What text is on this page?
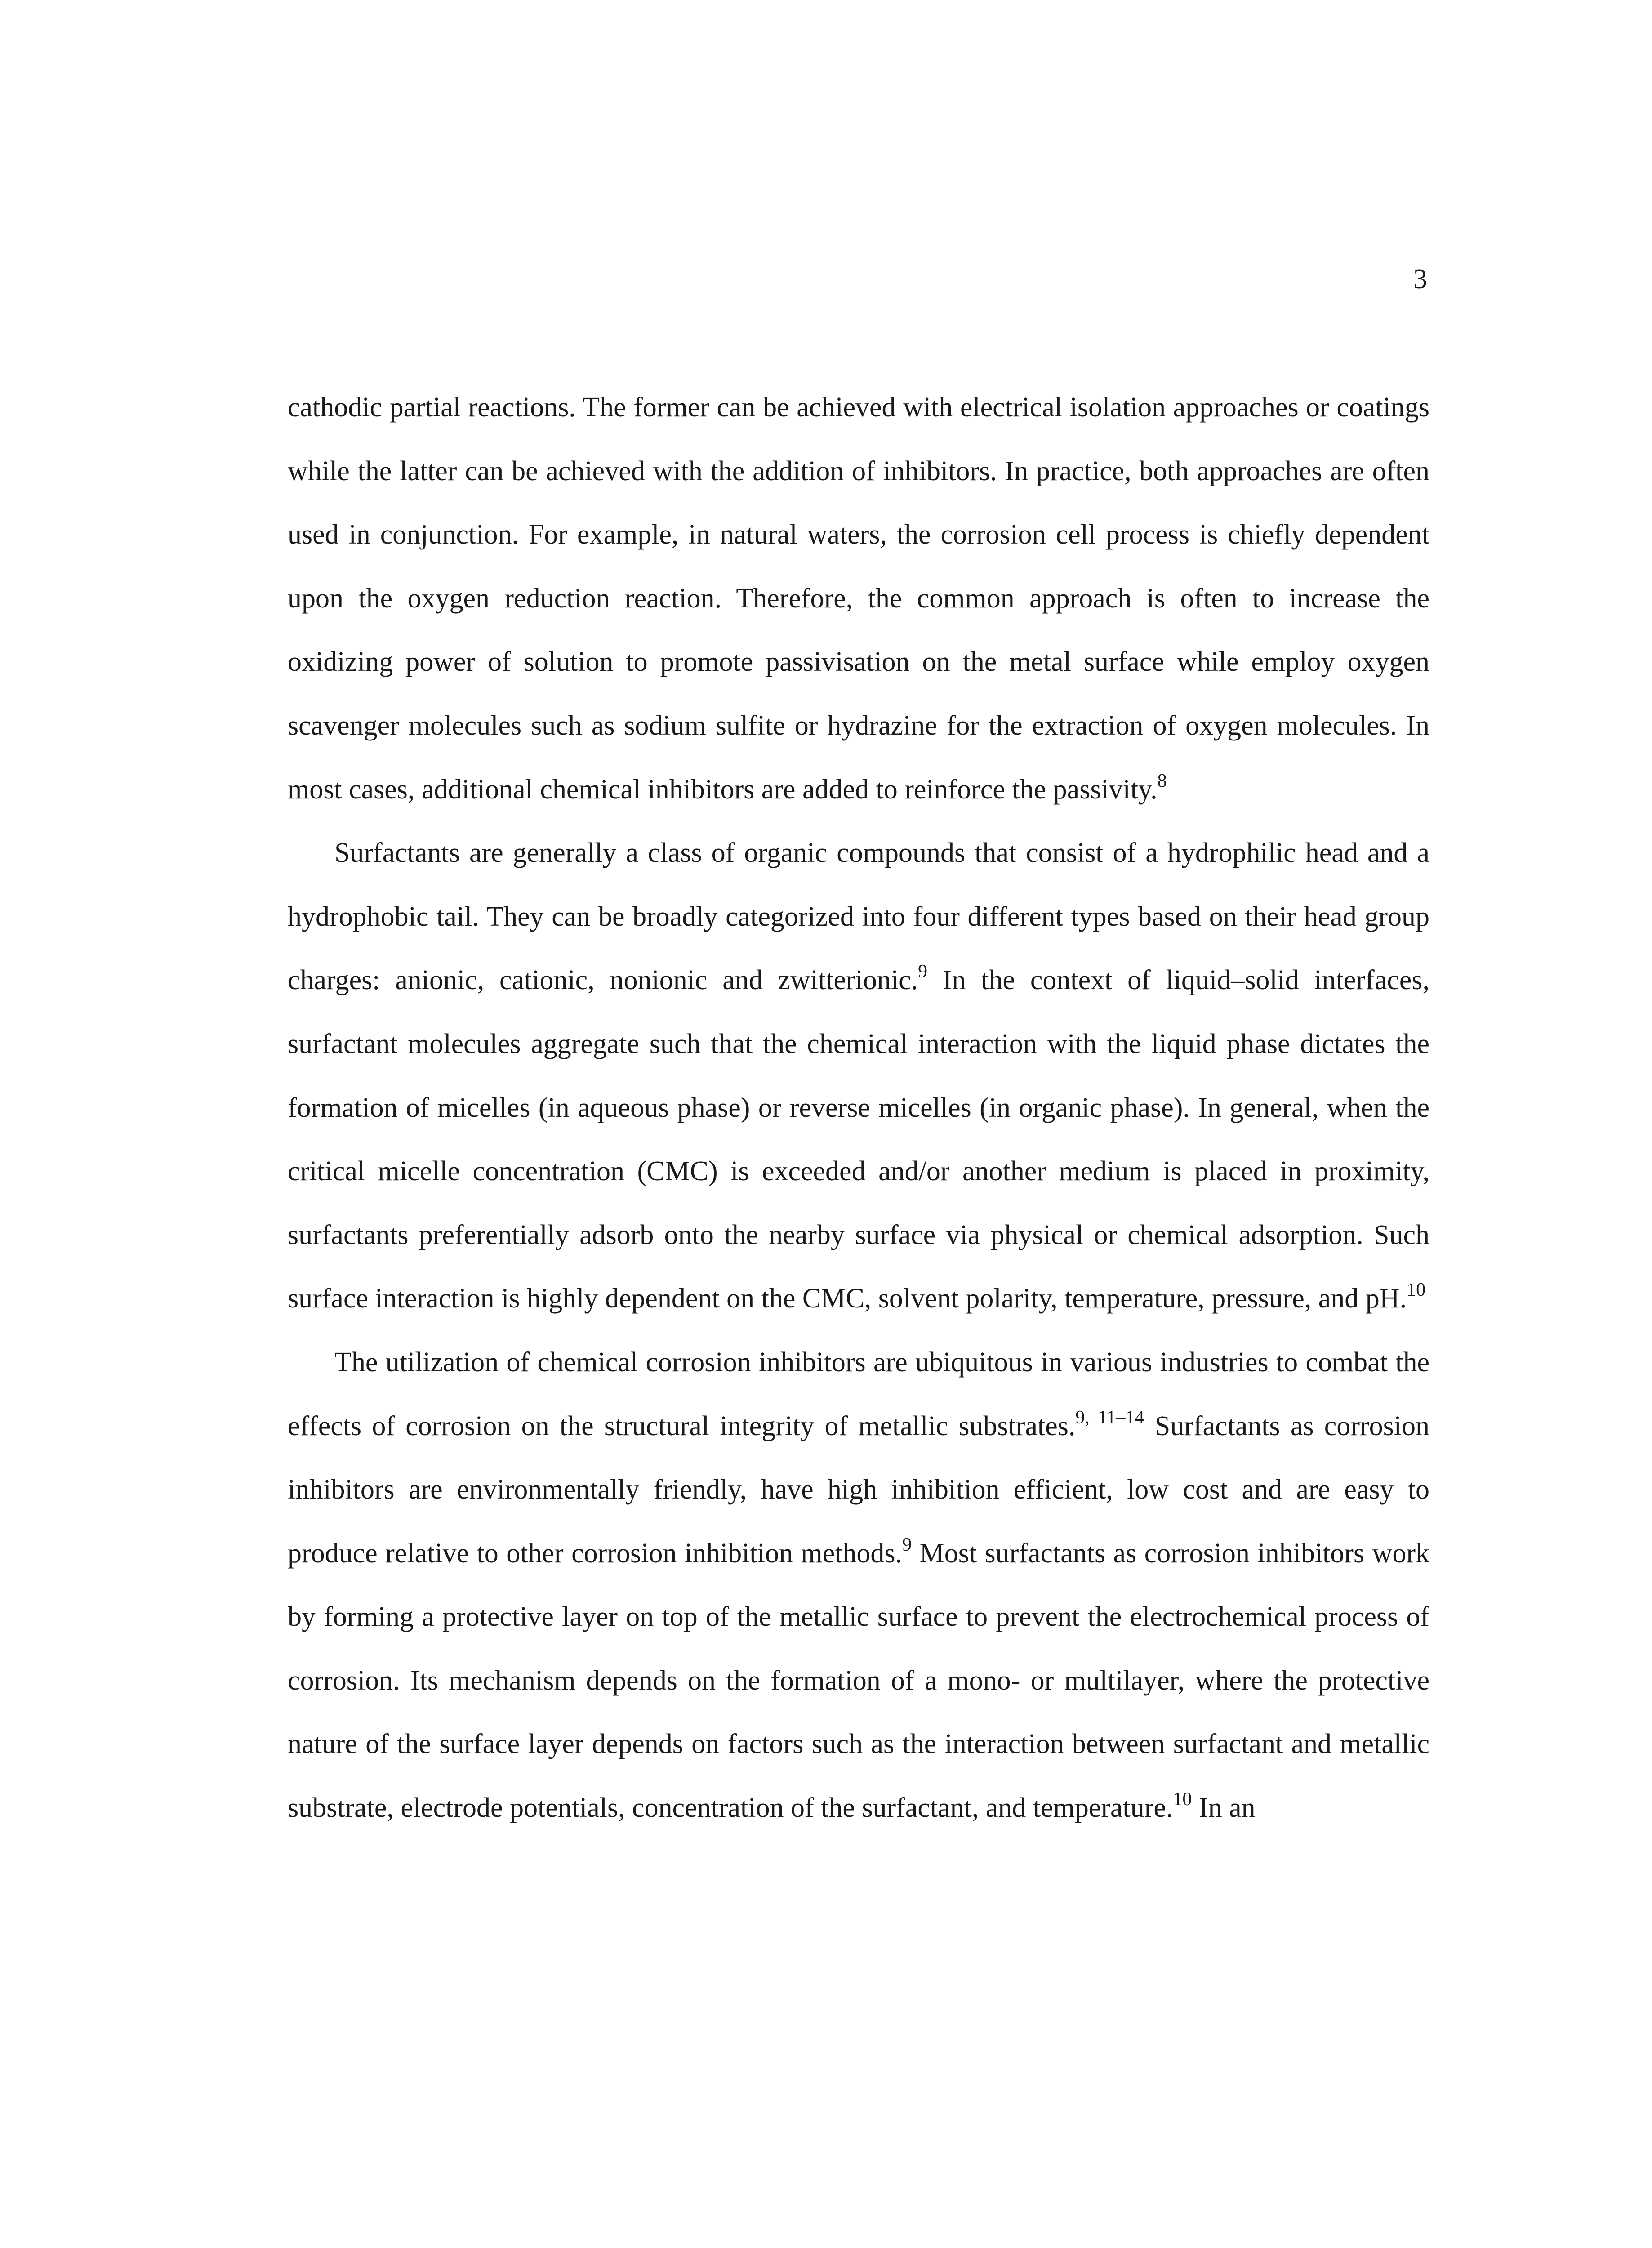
3

cathodic partial reactions. The former can be achieved with electrical isolation approaches or coatings while the latter can be achieved with the addition of inhibitors. In practice, both approaches are often used in conjunction. For example, in natural waters, the corrosion cell process is chiefly dependent upon the oxygen reduction reaction. Therefore, the common approach is often to increase the oxidizing power of solution to promote passivisation on the metal surface while employ oxygen scavenger molecules such as sodium sulfite or hydrazine for the extraction of oxygen molecules. In most cases, additional chemical inhibitors are added to reinforce the passivity.$^8$

Surfactants are generally a class of organic compounds that consist of a hydrophilic head and a hydrophobic tail. They can be broadly categorized into four different types based on their head group charges: anionic, cationic, nonionic and zwitterionic.$^9$ In the context of liquid–solid interfaces, surfactant molecules aggregate such that the chemical interaction with the liquid phase dictates the formation of micelles (in aqueous phase) or reverse micelles (in organic phase). In general, when the critical micelle concentration (CMC) is exceeded and/or another medium is placed in proximity, surfactants preferentially adsorb onto the nearby surface via physical or chemical adsorption. Such surface interaction is highly dependent on the CMC, solvent polarity, temperature, pressure, and pH.$^{10}$

The utilization of chemical corrosion inhibitors are ubiquitous in various industries to combat the effects of corrosion on the structural integrity of metallic substrates.$^{9, 11-14}$ Surfactants as corrosion inhibitors are environmentally friendly, have high inhibition efficient, low cost and are easy to produce relative to other corrosion inhibition methods.$^9$ Most surfactants as corrosion inhibitors work by forming a protective layer on top of the metallic surface to prevent the electrochemical process of corrosion. Its mechanism depends on the formation of a mono- or multilayer, where the protective nature of the surface layer depends on factors such as the interaction between surfactant and metallic substrate, electrode potentials, concentration of the surfactant, and temperature.$^{10}$ In an
